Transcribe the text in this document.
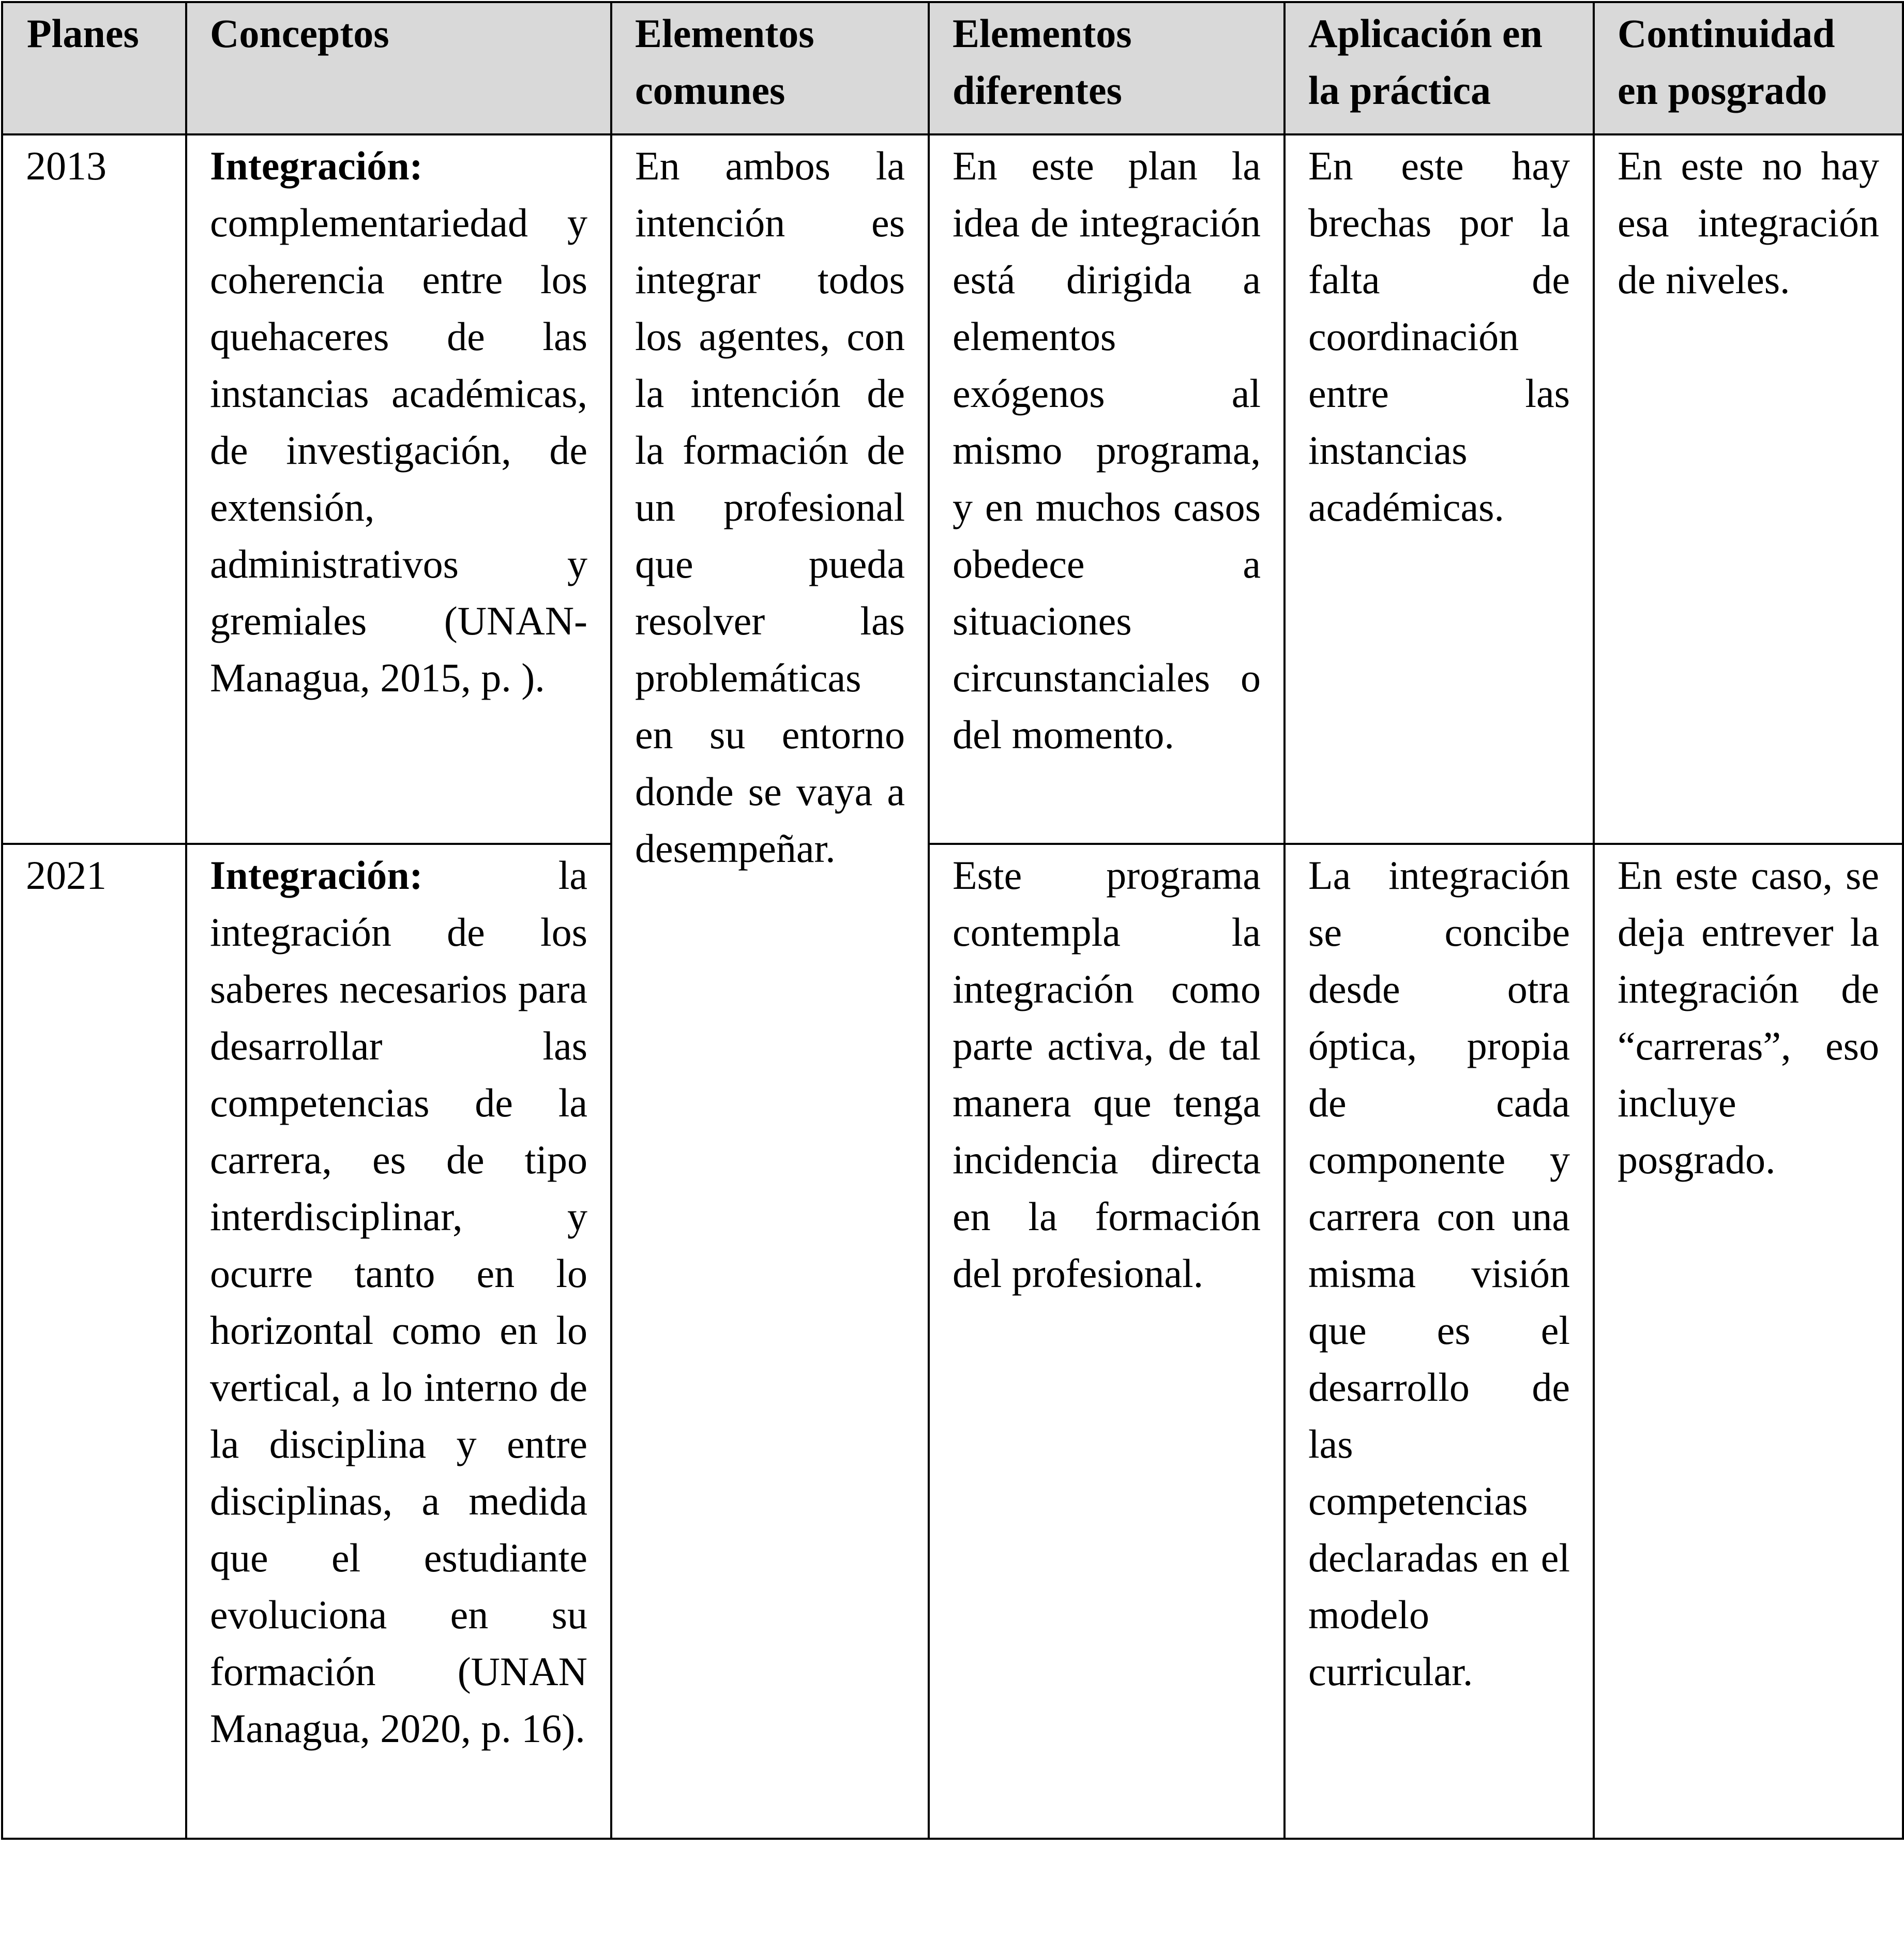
Planes	Conceptos	Elementos comunes	Elementos diferentes	Aplicación en la práctica	Continuidad en posgrado
2013	Integración: complementariedad y coherencia entre los quehaceres de las instancias académicas, de investigación, de extensión, administrativos y gremiales (UNAN-Managua, 2015, p. ).	En ambos la intención es integrar todos los agentes, con la intención de la formación de un profesional que pueda resolver las problemáticas en su entorno donde se vaya a desempeñar.	En este plan la idea de integración está dirigida a elementos exógenos al mismo programa, y en muchos casos obedece a situaciones circunstanciales o del momento.	En este hay brechas por la falta de coordinación entre las instancias académicas.	En este no hay esa integración de niveles.
2021	Integración: la integración de los saberes necesarios para desarrollar las competencias de la carrera, es de tipo interdisciplinar, y ocurre tanto en lo horizontal como en lo vertical, a lo interno de la disciplina y entre disciplinas, a medida que el estudiante evoluciona en su formación (UNAN Managua, 2020, p. 16).		Este programa contempla la integración como parte activa, de tal manera que tenga incidencia directa en la formación del profesional.	La integración se concibe desde otra óptica, propia de cada componente y carrera con una misma visión que es el desarrollo de las competencias declaradas en el modelo curricular.	En este caso, se deja entrever la integración de “carreras”, eso incluye posgrado.
